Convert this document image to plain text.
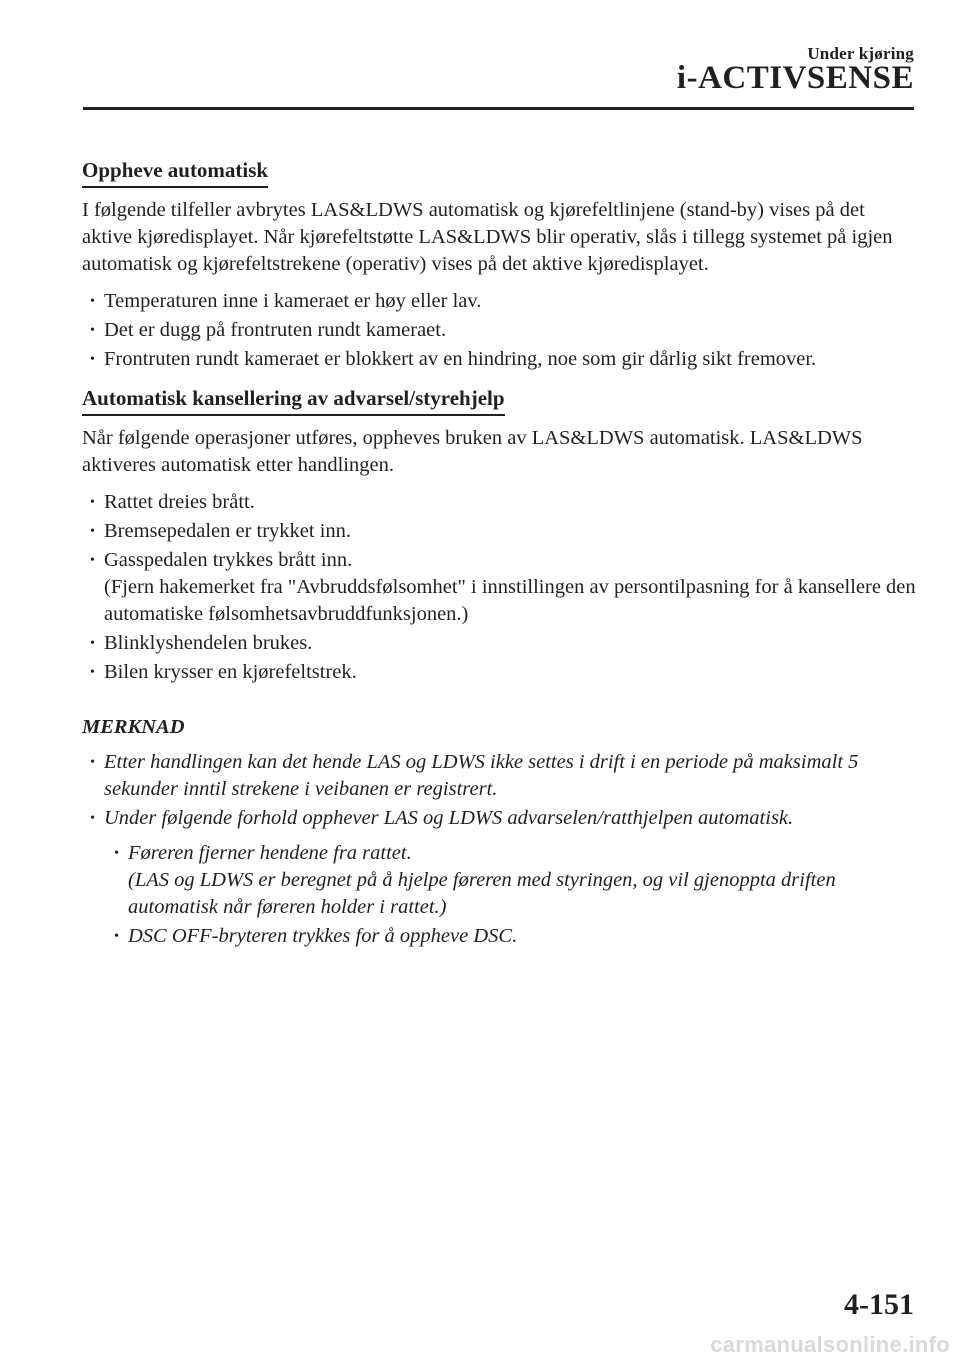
Under kjøring
i-ACTIVSENSE
Oppheve automatisk

I følgende tilfeller avbrytes LAS&LDWS automatisk og kjørefeltlinjene (stand-by) vises på det aktive kjøredisplayet. Når kjørefeltstøtte LAS&LDWS blir operativ, slås i tillegg systemet på igjen automatisk og kjørefeltstrekene (operativ) vises på det aktive kjøredisplayet.

• Temperaturen inne i kameraet er høy eller lav.
• Det er dugg på frontruten rundt kameraet.
• Frontruten rundt kameraet er blokkert av en hindring, noe som gir dårlig sikt fremover.
Automatisk kansellering av advarsel/styrehjelp

Når følgende operasjoner utføres, oppheves bruken av LAS&LDWS automatisk. LAS&LDWS aktiveres automatisk etter handlingen.

• Rattet dreies brått.
• Bremsepedalen er trykket inn.
• Gasspedalen trykkes brått inn.
(Fjern hakemerket fra "Avbruddsfølsomhet" i innstillingen av persontilpasning for å kansellere den automatiske følsomhetsavbruddfunksjonen.)
• Blinklyshendelen brukes.
• Bilen krysser en kjørefeltstrek.
MERKNAD
• Etter handlingen kan det hende LAS og LDWS ikke settes i drift i en periode på maksimalt 5 sekunder inntil strekene i veibanen er registrert.
• Under følgende forhold opphever LAS og LDWS advarselen/ratthjelpen automatisk.
• Føreren fjerner hendene fra rattet.
(LAS og LDWS er beregnet på å hjelpe føreren med styringen, og vil gjenoppta driften automatisk når føreren holder i rattet.)
• DSC OFF-bryteren trykkes for å oppheve DSC.
4-151
carmanualsonline.info
